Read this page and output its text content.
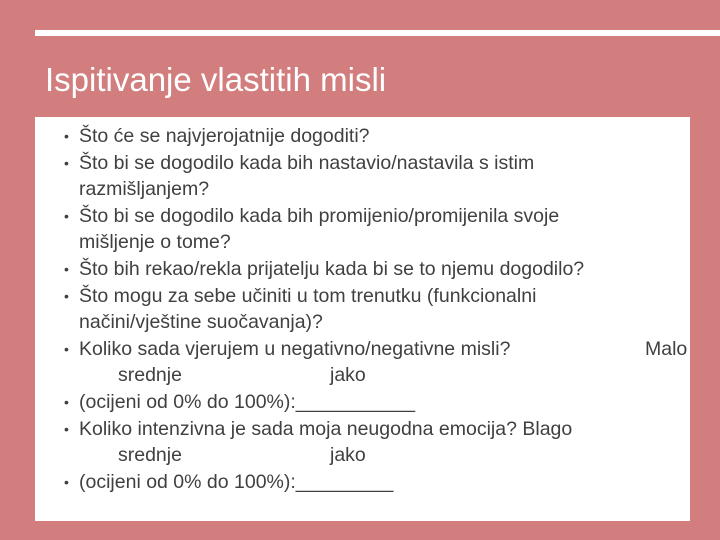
Ispitivanje vlastitih misli
• Što će se najvjerojatnije dogoditi?
• Što bi se dogodilo kada bih nastavio/nastavila s istim
razmišljanjem?
• Što bi se dogodilo kada bih promijenio/promijenila svoje
mišljenje o tome?
• Što bih rekao/rekla prijatelju kada bi se to njemu dogodilo?
• Što mogu za sebe učiniti u tom trenutku (funkcionalni
načini/vještine suočavanja)?
• Koliko sada vjerujem u negativno/negativne misli?	Malo
srednje	jako
• (ocijeni od 0% do 100%):___________
• Koliko intenzivna je sada moja neugodna emocija? Blago
srednje	jako
• (ocijeni od 0% do 100%):_________
